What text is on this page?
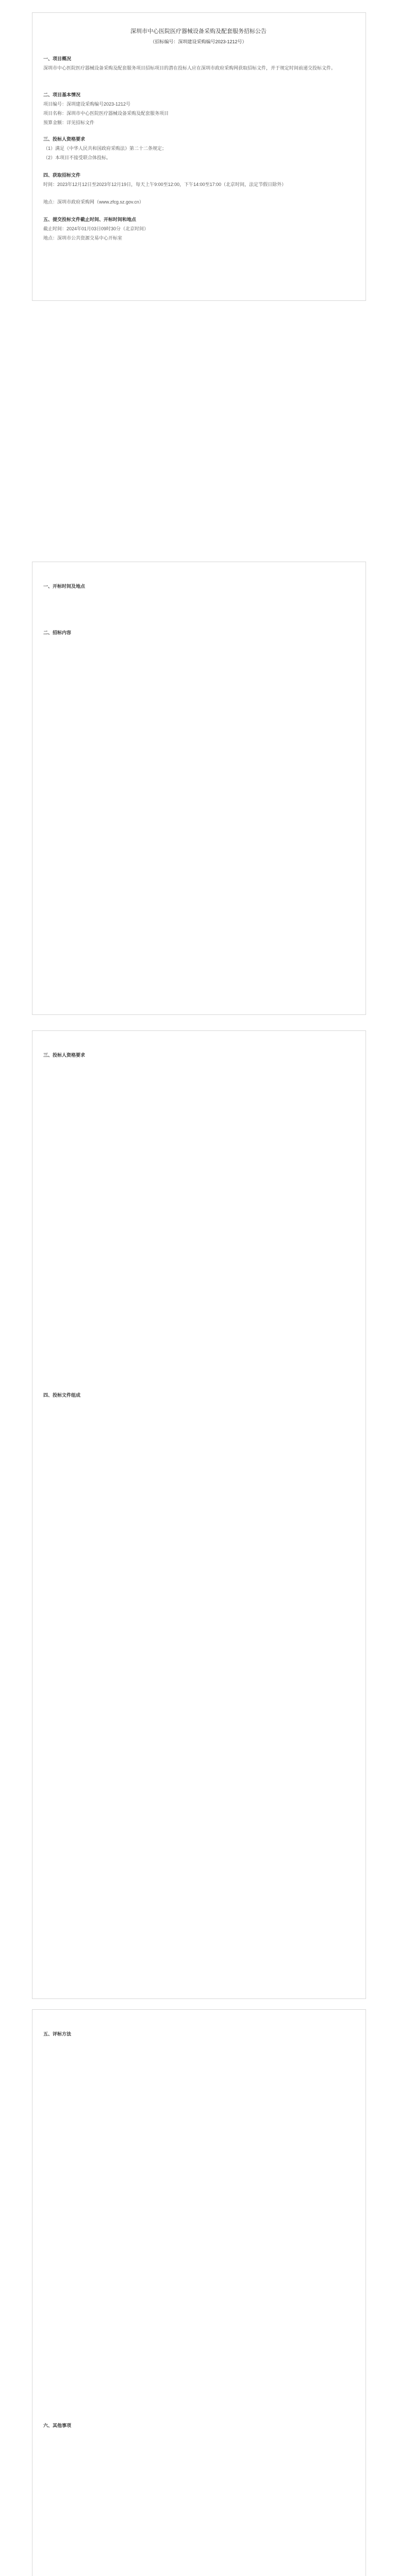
深圳市中心医院医疗器械设备采购及配套服务招标公告
（招标编号：深圳建设采购编号2023-1212号）
一、项目概况
深圳市中心医院医疗器械设备采购及配套服务项目招标项目的潜在投标人应在深圳市政府采购网获取招标文件，并于规定时间前递交投标文件。
二、项目基本情况
项目编号：深圳建设采购编号2023-1212号
项目名称：深圳市中心医院医疗器械设备采购及配套服务项目
预算金额：详见招标文件
三、投标人资格要求
（1）满足《中华人民共和国政府采购法》第二十二条规定；
（2）本项目不接受联合体投标。
四、获取招标文件
时间：2023年12月12日至2023年12月19日，每天上午9:00至12:00，下午14:00至17:00（北京时间，法定节假日除外）
地点：深圳市政府采购网（www.zfcg.sz.gov.cn）
五、提交投标文件截止时间、开标时间和地点
截止时间：2024年01月03日09时30分（北京时间）
地点：深圳市公共资源交易中心开标室
一、开标时间及地点
二、招标内容
三、投标人资格要求
四、投标文件组成
五、评标方法
六、其他事项
